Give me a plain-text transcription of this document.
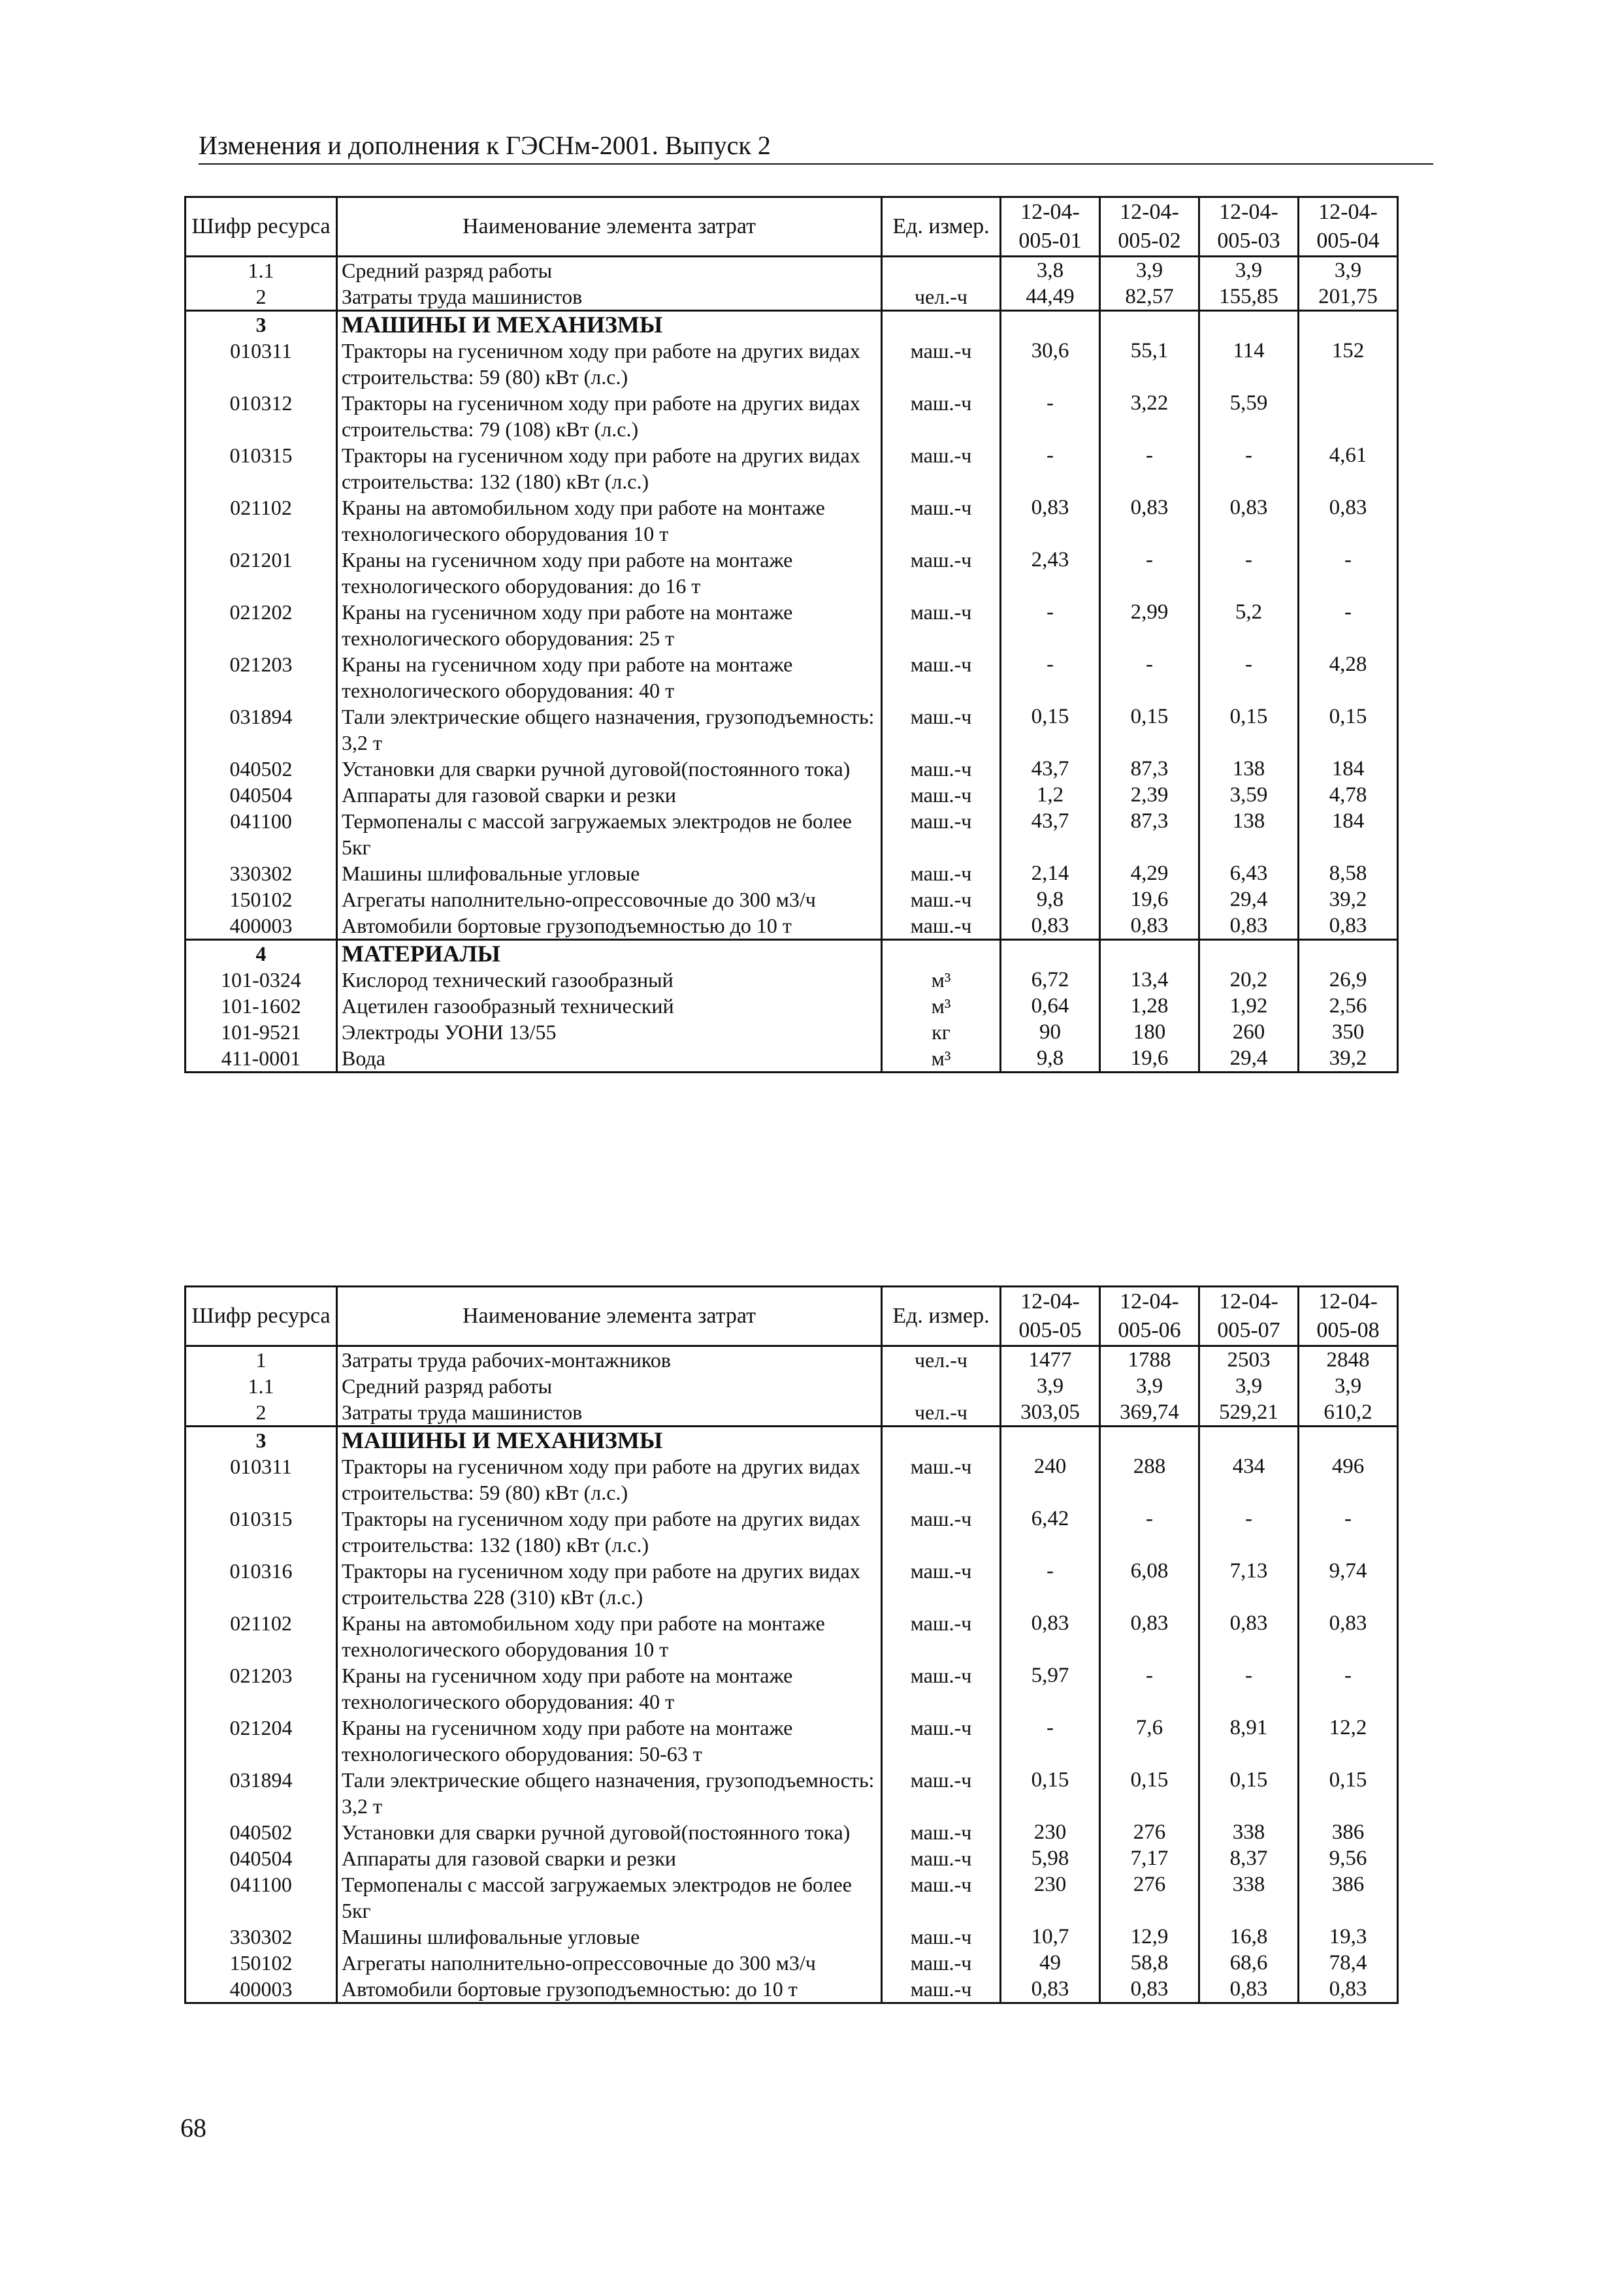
Изменения и дополнения к ГЭСНм-2001. Выпуск 2
Шифр ресурса	Наименование элемента затрат	Ед. измер.	12-04-005-01	12-04-005-02	12-04-005-03	12-04-005-04
1.1	Средний разряд работы		3,8	3,9	3,9	3,9
2	Затраты труда машинистов	чел.-ч	44,49	82,57	155,85	201,75
3	МАШИНЫ И МЕХАНИЗМЫ					
010311	Тракторы на гусеничном ходу при работе на других видах строительства: 59 (80) кВт (л.с.)	маш.-ч	30,6	55,1	114	152
010312	Тракторы на гусеничном ходу при работе на других видах строительства: 79 (108) кВт (л.с.)	маш.-ч	-	3,22	5,59	
010315	Тракторы на гусеничном ходу при работе на других видах строительства: 132 (180) кВт (л.с.)	маш.-ч	-	-	-	4,61
021102	Краны на автомобильном ходу при работе на монтаже технологического оборудования 10 т	маш.-ч	0,83	0,83	0,83	0,83
021201	Краны на гусеничном ходу при работе на монтаже технологического оборудования: до 16 т	маш.-ч	2,43	-	-	-
021202	Краны на гусеничном ходу при работе на монтаже технологического оборудования: 25 т	маш.-ч	-	2,99	5,2	-
021203	Краны на гусеничном ходу при работе на монтаже технологического оборудования: 40 т	маш.-ч	-	-	-	4,28
031894	Тали электрические общего назначения, грузоподъемность: 3,2 т	маш.-ч	0,15	0,15	0,15	0,15
040502	Установки для сварки ручной дуговой(постоянного тока)	маш.-ч	43,7	87,3	138	184
040504	Аппараты для газовой сварки и резки	маш.-ч	1,2	2,39	3,59	4,78
041100	Термопеналы с массой загружаемых электродов не более 5кг	маш.-ч	43,7	87,3	138	184
330302	Машины шлифовальные угловые	маш.-ч	2,14	4,29	6,43	8,58
150102	Агрегаты наполнительно-опрессовочные до 300 м3/ч	маш.-ч	9,8	19,6	29,4	39,2
400003	Автомобили бортовые грузоподъемностью до 10 т	маш.-ч	0,83	0,83	0,83	0,83
4	МАТЕРИАЛЫ					
101-0324	Кислород технический газообразный	м³	6,72	13,4	20,2	26,9
101-1602	Ацетилен газообразный технический	м³	0,64	1,28	1,92	2,56
101-9521	Электроды УОНИ 13/55	кг	90	180	260	350
411-0001	Вода	м³	9,8	19,6	29,4	39,2
Шифр ресурса	Наименование элемента затрат	Ед. измер.	12-04-005-05	12-04-005-06	12-04-005-07	12-04-005-08
1	Затраты труда рабочих-монтажников	чел.-ч	1477	1788	2503	2848
1.1	Средний разряд работы		3,9	3,9	3,9	3,9
2	Затраты труда машинистов	чел.-ч	303,05	369,74	529,21	610,2
3	МАШИНЫ И МЕХАНИЗМЫ					
010311	Тракторы на гусеничном ходу при работе на других видах строительства: 59 (80) кВт (л.с.)	маш.-ч	240	288	434	496
010315	Тракторы на гусеничном ходу при работе на других видах строительства: 132 (180) кВт (л.с.)	маш.-ч	6,42	-	-	-
010316	Тракторы на гусеничном ходу при работе на других видах строительства 228 (310) кВт (л.с.)	маш.-ч	-	6,08	7,13	9,74
021102	Краны на автомобильном ходу при работе на монтаже технологического оборудования 10 т	маш.-ч	0,83	0,83	0,83	0,83
021203	Краны на гусеничном ходу при работе на монтаже технологического оборудования: 40 т	маш.-ч	5,97	-	-	-
021204	Краны на гусеничном ходу при работе на монтаже технологического оборудования: 50-63 т	маш.-ч	-	7,6	8,91	12,2
031894	Тали электрические общего назначения, грузоподъемность: 3,2 т	маш.-ч	0,15	0,15	0,15	0,15
040502	Установки для сварки ручной дуговой(постоянного тока)	маш.-ч	230	276	338	386
040504	Аппараты для газовой сварки и резки	маш.-ч	5,98	7,17	8,37	9,56
041100	Термопеналы с массой загружаемых электродов не более 5кг	маш.-ч	230	276	338	386
330302	Машины шлифовальные угловые	маш.-ч	10,7	12,9	16,8	19,3
150102	Агрегаты наполнительно-опрессовочные до 300 м3/ч	маш.-ч	49	58,8	68,6	78,4
400003	Автомобили бортовые грузоподъемностью: до 10 т	маш.-ч	0,83	0,83	0,83	0,83
68
